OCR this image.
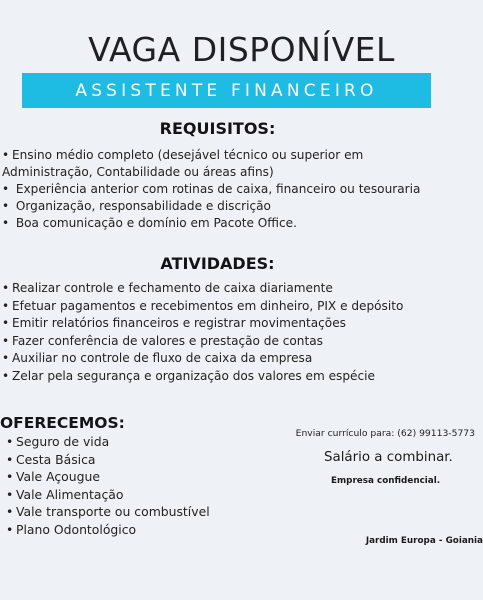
VAGA DISPONÍVEL
ASSISTENTE FINANCEIRO
REQUISITOS:
• Ensino médio completo (desejável técnico ou superior em Administração, Contabilidade ou áreas afins)
• Experiência anterior com rotinas de caixa, financeiro ou tesouraria
• Organização, responsabilidade e discrição
• Boa comunicação e domínio em Pacote Office.
ATIVIDADES:
• Realizar controle e fechamento de caixa diariamente
• Efetuar pagamentos e recebimentos em dinheiro, PIX e depósito
• Emitir relatórios financeiros e registrar movimentações
• Fazer conferência de valores e prestação de contas
• Auxiliar no controle de fluxo de caixa da empresa
• Zelar pela segurança e organização dos valores em espécie
OFERECEMOS:
• Seguro de vida
• Cesta Básica
• Vale Açougue
• Vale Alimentação
• Vale transporte ou combustível
• Plano Odontológico
Enviar currículo para: (62) 99113-5773
Salário a combinar.
Empresa confidencial.
Jardim Europa - Goiania
